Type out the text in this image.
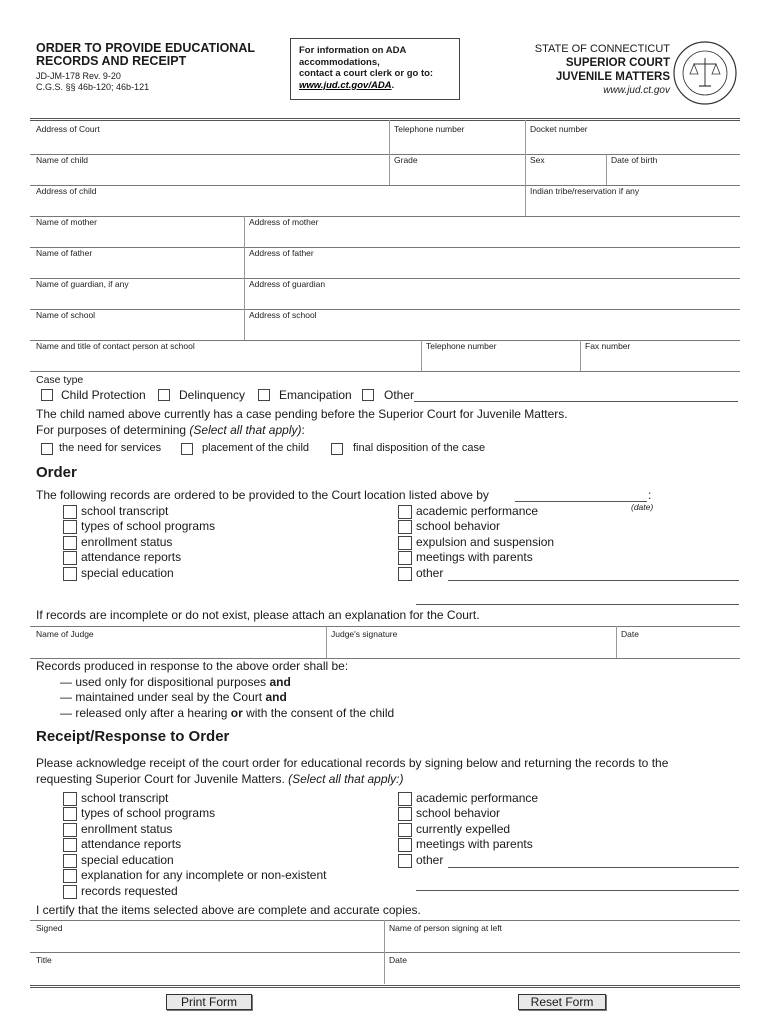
ORDER TO PROVIDE EDUCATIONAL
RECORDS AND RECEIPT
JD-JM-178 Rev. 9-20
C.G.S. §§ 46b-120; 46b-121
For information on ADA
accommodations,
contact a court clerk or go to:
www.jud.ct.gov/ADA.
STATE OF CONNECTICUT
SUPERIOR COURT
JUVENILE MATTERS
www.jud.ct.gov
Address of Court	Telephone number	Docket number
Name of child	Grade	Sex	Date of birth
Address of child	Indian tribe/reservation if any
Name of mother	Address of mother
Name of father	Address of father
Name of guardian, if any	Address of guardian
Name of school	Address of school
Name and title of contact person at school	Telephone number	Fax number
Case type
Child Protection	Delinquency	Emancipation	Other
The child named above currently has a case pending before the Superior Court for Juvenile Matters.
For purposes of determining (Select all that apply):
the need for services	placement of the child	final disposition of the case
Order
The following records are ordered to be provided to the Court location listed above by	:
(date)
school transcript
types of school programs
enrollment status
attendance reports
special education
academic performance
school behavior
expulsion and suspension
meetings with parents
other
If records are incomplete or do not exist, please attach an explanation for the Court.
Name of Judge	Judge's signature	Date
Records produced in response to the above order shall be:
— used only for dispositional purposes and
— maintained under seal by the Court and
— released only after a hearing or with the consent of the child
Receipt/Response to Order
Please acknowledge receipt of the court order for educational records by signing below and returning the records to the
requesting Superior Court for Juvenile Matters. (Select all that apply:)
school transcript
types of school programs
enrollment status
attendance reports
special education
explanation for any incomplete or non-existent
records requested
academic performance
school behavior
currently expelled
meetings with parents
other
I certify that the items selected above are complete and accurate copies.
Signed	Name of person signing at left
Title	Date
Print Form	Reset Form
